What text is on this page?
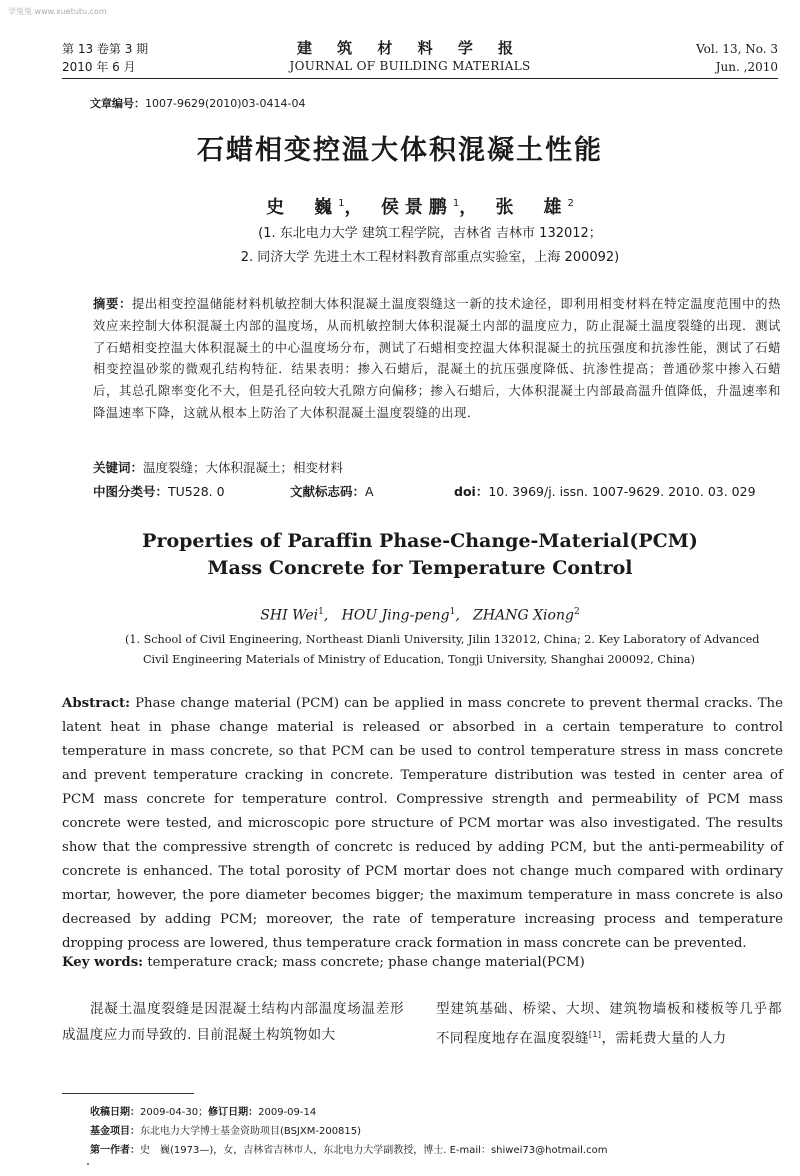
学兔兔 www.xuetutu.com
第 13 卷第 3 期
2010 年 6 月
建 筑 材 料 学 报
JOURNAL OF BUILDING MATERIALS
Vol. 13, No. 3
Jun. ,2010
文章编号：1007-9629(2010)03-0414-04
石蜡相变控温大体积混凝土性能
史　巍$^1$， 侯景鹏$^1$， 张　雄$^2$
(1. 东北电力大学 建筑工程学院，吉林省 吉林市 132012；
2. 同济大学 先进土木工程材料教育部重点实验室，上海 200092)
摘要：提出相变控温储能材料机敏控制大体积混凝土温度裂缝这一新的技术途径，即利用相变材料在特定温度范围中的热效应来控制大体积混凝土内部的温度场，从而机敏控制大体积混凝土内部的温度应力，防止混凝土温度裂缝的出现．测试了石蜡相变控温大体积混凝土的中心温度场分布，测试了石蜡相变控温大体积混凝土的抗压强度和抗渗性能，测试了石蜡相变控温砂浆的微观孔结构特征．结果表明：掺入石蜡后，混凝土的抗压强度降低、抗渗性提高；普通砂浆中掺入石蜡后，其总孔隙率变化不大，但是孔径向较大孔隙方向偏移；掺入石蜡后，大体积混凝土内部最高温升值降低，升温速率和降温速率下降，这就从根本上防治了大体积混凝土温度裂缝的出现．
关键词：温度裂缝；大体积混凝土；相变材料
中图分类号：TU528. 0	文献标志码：A	doi：10. 3969/j. issn. 1007-9629. 2010. 03. 029
Properties of Paraffin Phase-Change-Material(PCM)
Mass Concrete for Temperature Control
SHI Wei$^1$,   HOU Jing-peng$^1$,   ZHANG Xiong$^2$
(1. School of Civil Engineering, Northeast Dianli University, Jilin 132012, China; 2. Key Laboratory of Advanced
Civil Engineering Materials of Ministry of Education, Tongji University, Shanghai 200092, China)
Abstract: Phase change material (PCM) can be applied in mass concrete to prevent thermal cracks. The latent heat in phase change material is released or absorbed in a certain temperature to control temperature in mass concrete, so that PCM can be used to control temperature stress in mass concrete and prevent temperature cracking in concrete. Temperature distribution was tested in center area of PCM mass concrete for temperature control. Compressive strength and permeability of PCM mass concrete were tested, and microscopic pore structure of PCM mortar was also investigated. The results show that the compressive strength of concretc is reduced by adding PCM, but the anti-permeability of concrete is enhanced. The total porosity of PCM mortar does not change much compared with ordinary mortar, however, the pore diameter becomes bigger; the maximum temperature in mass concrete is also decreased by adding PCM; moreover, the rate of temperature increasing process and temperature dropping process are lowered, thus temperature crack formation in mass concrete can be prevented.
Key words: temperature crack; mass concrete; phase change material(PCM)
混凝土温度裂缝是因混凝土结构内部温度场温差形成温度应力而导致的. 目前混凝土构筑物如大
型建筑基础、桥梁、大坝、建筑物墙板和楼板等几乎都不同程度地存在温度裂缝[1]，需耗费大量的人力
收稿日期：2009-04-30；修订日期：2009-09-14
基金项目：东北电力大学博士基金资助项目(BSJXM-200815)
第一作者：史　巍(1973—)，女，吉林省吉林市人，东北电力大学副教授，博士. E-mail：shiwei73@hotmail.com
